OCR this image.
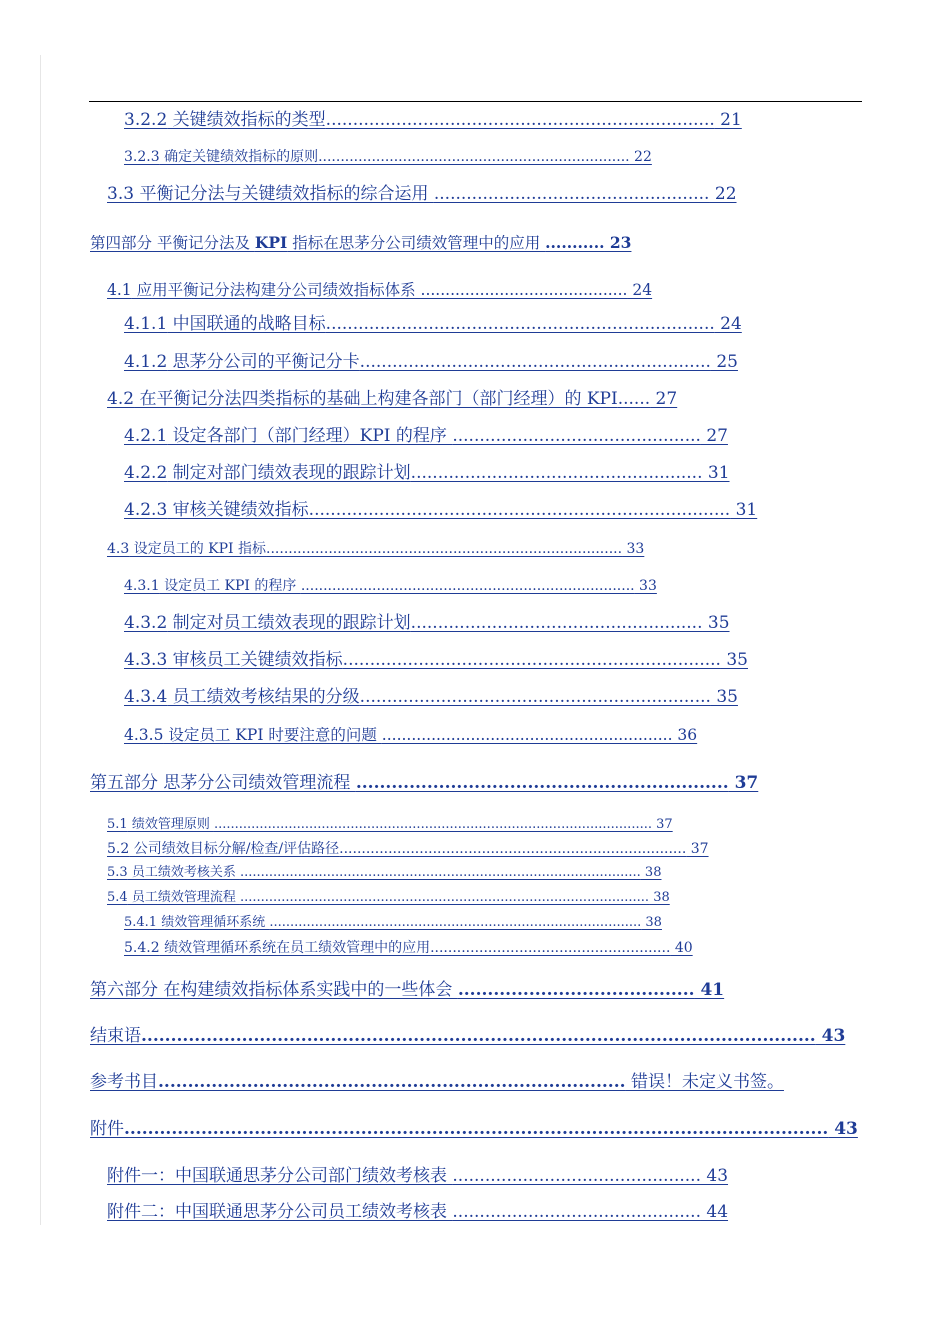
3.2.2 关键绩效指标的类型........................................................................ 21
3.2.3 确定关键绩效指标的原则...................................................................... 22
3.3 平衡记分法与关键绩效指标的综合运用 ................................................... 22
第四部分 平衡记分法及 KPI 指标在思茅分公司绩效管理中的应用 ........... 23
4.1 应用平衡记分法构建分公司绩效指标体系 .......................................... 24
4.1.1 中国联通的战略目标........................................................................ 24
4.1.2 思茅分公司的平衡记分卡................................................................. 25
4.2 在平衡记分法四类指标的基础上构建各部门（部门经理）的 KPI...... 27
4.2.1 设定各部门（部门经理）KPI 的程序 .............................................. 27
4.2.2 制定对部门绩效表现的跟踪计划...................................................... 31
4.2.3 审核关键绩效指标.............................................................................. 31
4.3 设定员工的 KPI 指标................................................................................ 33
4.3.1 设定员工 KPI 的程序 ........................................................................... 33
4.3.2 制定对员工绩效表现的跟踪计划...................................................... 35
4.3.3 审核员工关键绩效指标...................................................................... 35
4.3.4 员工绩效考核结果的分级................................................................. 35
4.3.5 设定员工 KPI 时要注意的问题 ........................................................... 36
第五部分 思茅分公司绩效管理流程 ............................................................... 37
5.1 绩效管理原则 .......................................................................................................... 37
5.2 公司绩效目标分解/检查/评估路径.............................................................................. 37
5.3 员工绩效考核关系 ................................................................................................. 38
5.4 员工绩效管理流程 ................................................................................................... 38
5.4.1 绩效管理循环系统 .......................................................................................... 38
5.4.2 绩效管理循环系统在员工绩效管理中的应用...................................................... 40
第六部分 在构建绩效指标体系实践中的一些体会 ........................................ 41
结束语.................................................................................................................. 43
参考书目............................................................................... 错误！未定义书签。
附件....................................................................................................................... 43
附件一：中国联通思茅分公司部门绩效考核表 .............................................. 43
附件二：中国联通思茅分公司员工绩效考核表 .............................................. 44
